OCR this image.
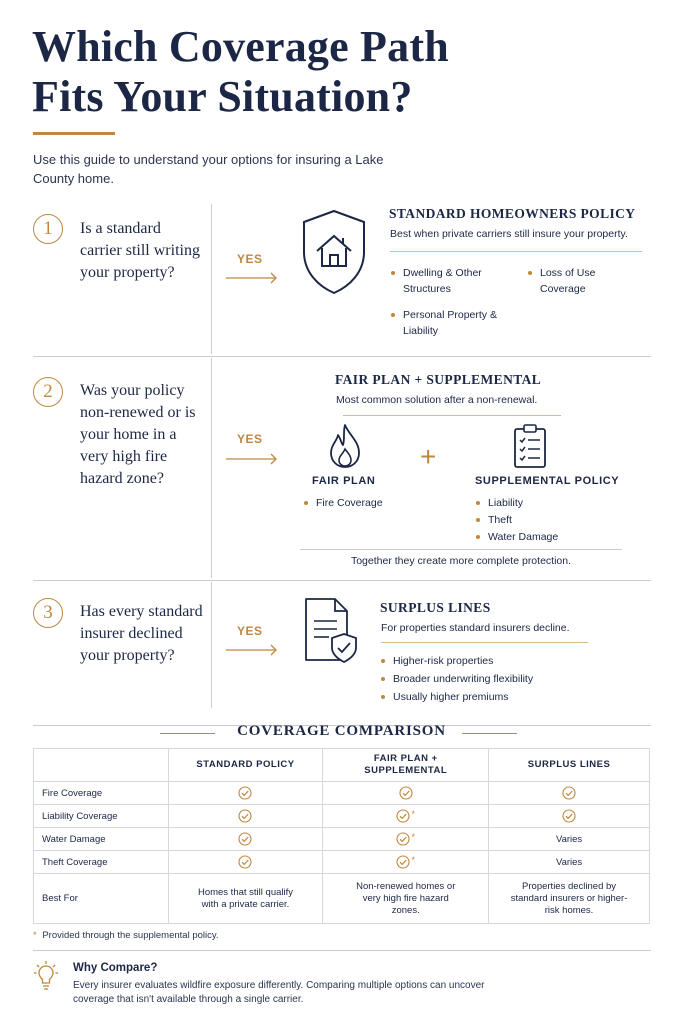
Which Coverage Path
Fits Your Situation?
Use this guide to understand your options for insuring a Lake County home.
1	Is a standard carrier still writing your property?
YES
STANDARD HOMEOWNERS POLICY
Best when private carriers still insure your property.
Dwelling & Other Structures
Loss of Use Coverage
Personal Property & Liability
2	Was your policy non-renewed or is your home in a very high fire hazard zone?
YES
FAIR PLAN + SUPPLEMENTAL
Most common solution after a non-renewal.
FAIR PLAN
Fire Coverage
+
SUPPLEMENTAL POLICY
Liability
Theft
Water Damage
Together they create more complete protection.
3	Has every standard insurer declined your property?
YES
SURPLUS LINES
For properties standard insurers decline.
Higher-risk properties
Broader underwriting flexibility
Usually higher premiums
COVERAGE COMPARISON
	STANDARD POLICY	FAIR PLAN + SUPPLEMENTAL	SURPLUS LINES
Fire Coverage			
Liability Coverage		*	
Water Damage		*	Varies
Theft Coverage		*	Varies
Best For	Homes that still qualify with a private carrier.	Non-renewed homes or very high fire hazard zones.	Properties declined by standard insurers or higher-risk homes.
* Provided through the supplemental policy.
Why Compare?
Every insurer evaluates wildfire exposure differently. Comparing multiple options can uncover coverage that isn't available through a single carrier.
